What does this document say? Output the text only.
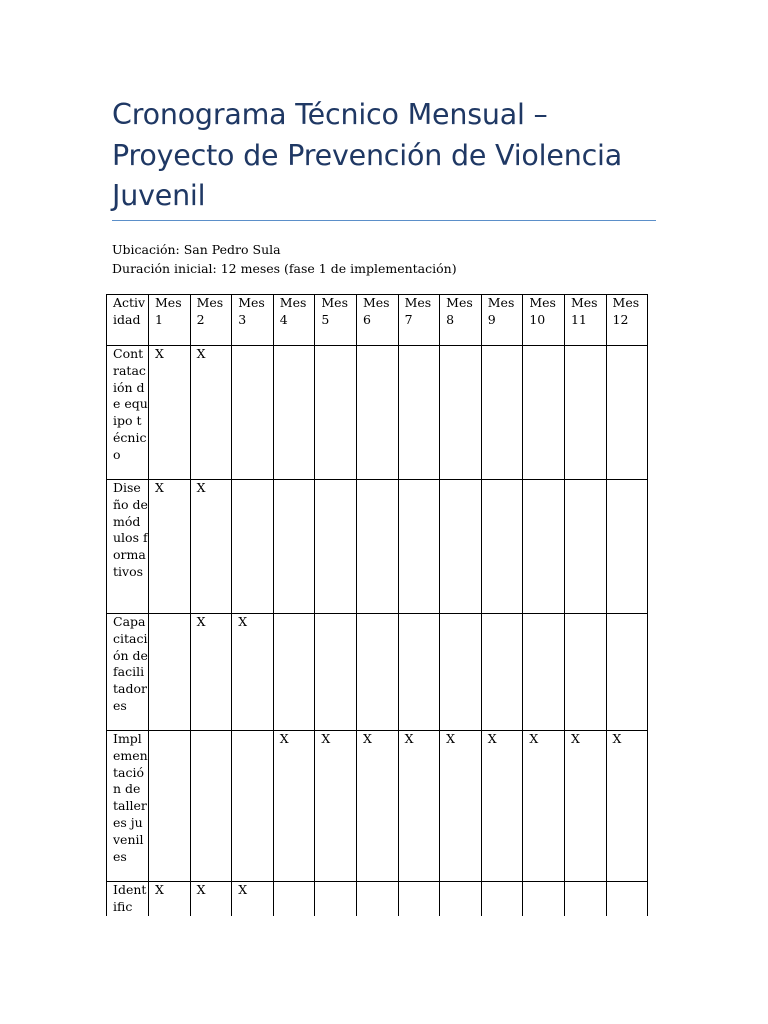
Cronograma Técnico Mensual – Proyecto de Prevención de Violencia Juvenil
Ubicación: San Pedro Sula
Duración inicial: 12 meses (fase 1 de implementación)
Actividad	Mes 1	Mes 2	Mes 3	Mes 4	Mes 5	Mes 6	Mes 7	Mes 8	Mes 9	Mes 10	Mes 11	Mes 12
Contratación de equipo técnico	X	X										
Diseño de módulos formativos	X	X										
Capacitación de facilitadores		X	X									
Implementación de talleres juveniles				X	X	X	X	X	X	X	X	X
Identific	X	X	X									
